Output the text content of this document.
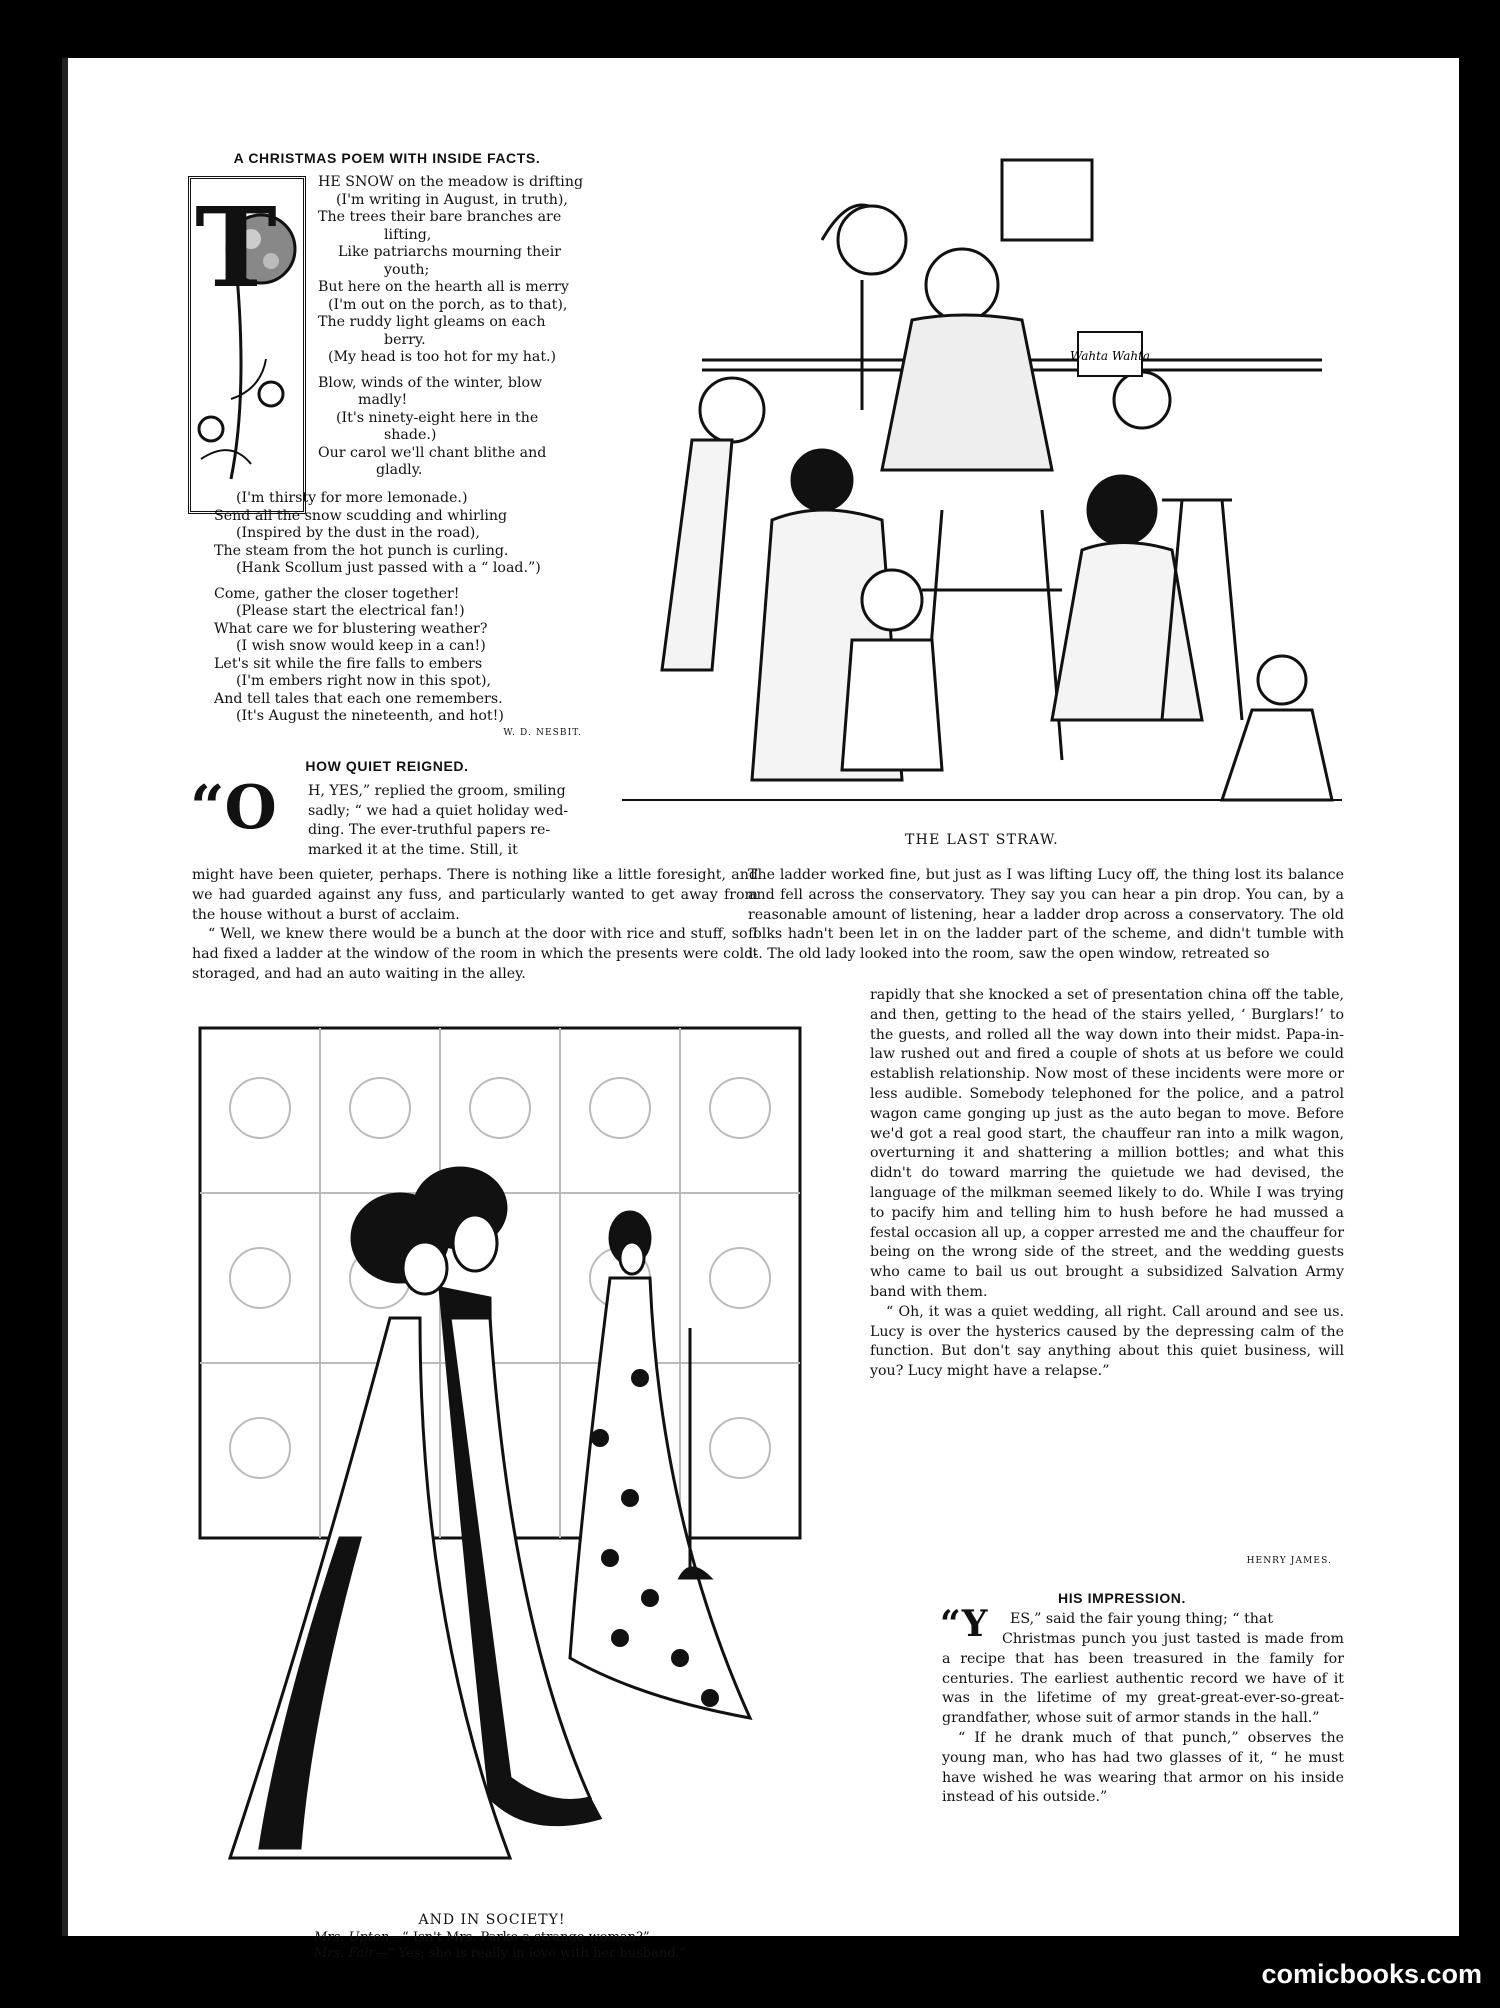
A CHRISTMAS POEM WITH INSIDE FACTS.
T
HE SNOW on the meadow is drifting
(I'm writing in August, in truth),
The trees their bare branches are
lifting,
Like patriarchs mourning their
youth;
But here on the hearth all is merry
(I'm out on the porch, as to that),
The ruddy light gleams on each
berry.
(My head is too hot for my hat.)
Blow, winds of the winter, blow
madly!
(It's ninety-eight here in the
shade.)
Our carol we'll chant blithe and
gladly.
(I'm thirsty for more lemonade.)
Send all the snow scudding and whirling
(Inspired by the dust in the road),
The steam from the hot punch is curling.
(Hank Scollum just passed with a “ load.”)
Come, gather the closer together!
(Please start the electrical fan!)
What care we for blustering weather?
(I wish snow would keep in a can!)
Let's sit while the fire falls to embers
(I'm embers right now in this spot),
And tell tales that each one remembers.
(It's August the nineteenth, and hot!)
W. D. NESBIT.
Wahta Wahta
THE LAST STRAW.
HOW QUIET REIGNED.
“O H, YES,” replied the groom, smiling
sadly; “ we had a quiet holiday wed-
ding. The ever-truthful papers re-
marked it at the time. Still, it

might have been quieter, perhaps. There is nothing like a little foresight, and we had guarded against any fuss, and particularly wanted to get away from the house without a burst of acclaim.

“ Well, we knew there would be a bunch at the door with rice and stuff, so I had fixed a ladder at the window of the room in which the presents were cold-storaged, and had an auto waiting in the alley.

The ladder worked fine, but just as I was lifting Lucy off, the thing lost its balance and fell across the conservatory. They say you can hear a pin drop. You can, by a reasonable amount of listening, hear a ladder drop across a conservatory. The old folks hadn't been let in on the ladder part of the scheme, and didn't tumble with it. The old lady looked into the room, saw the open window, retreated so

rapidly that she knocked a set of presentation china off the table, and then, getting to the head of the stairs yelled, ‘ Burglars!’ to the guests, and rolled all the way down into their midst. Papa-in-law rushed out and fired a couple of shots at us before we could establish relationship. Now most of these incidents were more or less audible. Somebody telephoned for the police, and a patrol wagon came gonging up just as the auto began to move. Before we'd got a real good start, the chauffeur ran into a milk wagon, overturning it and shattering a million bottles; and what this didn't do toward marring the quietude we had devised, the language of the milkman seemed likely to do. While I was trying to pacify him and telling him to hush before he had mussed a festal occasion all up, a copper arrested me and the chauffeur for being on the wrong side of the street, and the wedding guests who came to bail us out brought a subsidized Salvation Army band with them.

“ Oh, it was a quiet wedding, all right. Call around and see us. Lucy is over the hysterics caused by the depressing calm of the function. But don't say anything about this quiet business, will you? Lucy might have a relapse.”

HENRY JAMES.
AND IN SOCIETY!
Mrs. Upton—“ Isn't Mrs. Parke a strange woman?”
Mrs. Fair—“ Yes; she is really in love with her husband.”
HIS IMPRESSION.
“Y ES,” said the fair young thing; “ that

Christmas punch you just tasted is made from a recipe that has been treasured in the family for centuries. The earliest authentic record we have of it was in the lifetime of my great-great-ever-so-great-grandfather, whose suit of armor stands in the hall.”

“ If he drank much of that punch,” observes the young man, who has had two glasses of it, “ he must have wished he was wearing that armor on his inside instead of his outside.”

comicbooks.com
